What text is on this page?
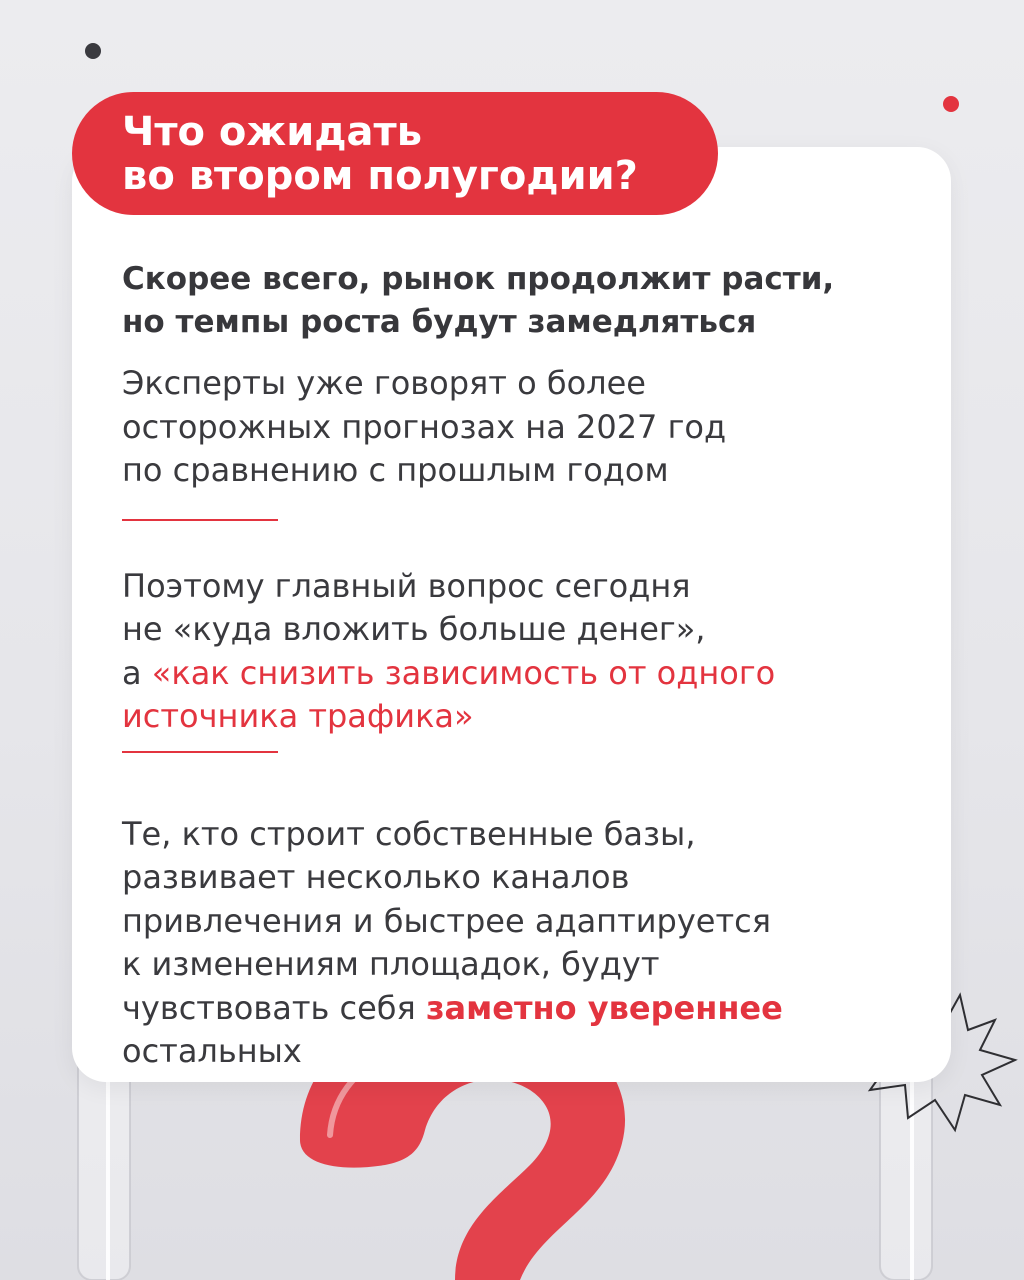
Что ожидать
во втором полугодии?

Скорее всего, рынок продолжит расти,
но темпы роста будут замедляться

Эксперты уже говорят о более
осторожных прогнозах на 2027 год
по сравнению с прошлым годом

Поэтому главный вопрос сегодня
не «куда вложить больше денег»,
а «как снизить зависимость от одного
источника трафика»

Те, кто строит собственные базы,
развивает несколько каналов
привлечения и быстрее адаптируется
к изменениям площадок, будут
чувствовать себя заметно увереннее
остальных
